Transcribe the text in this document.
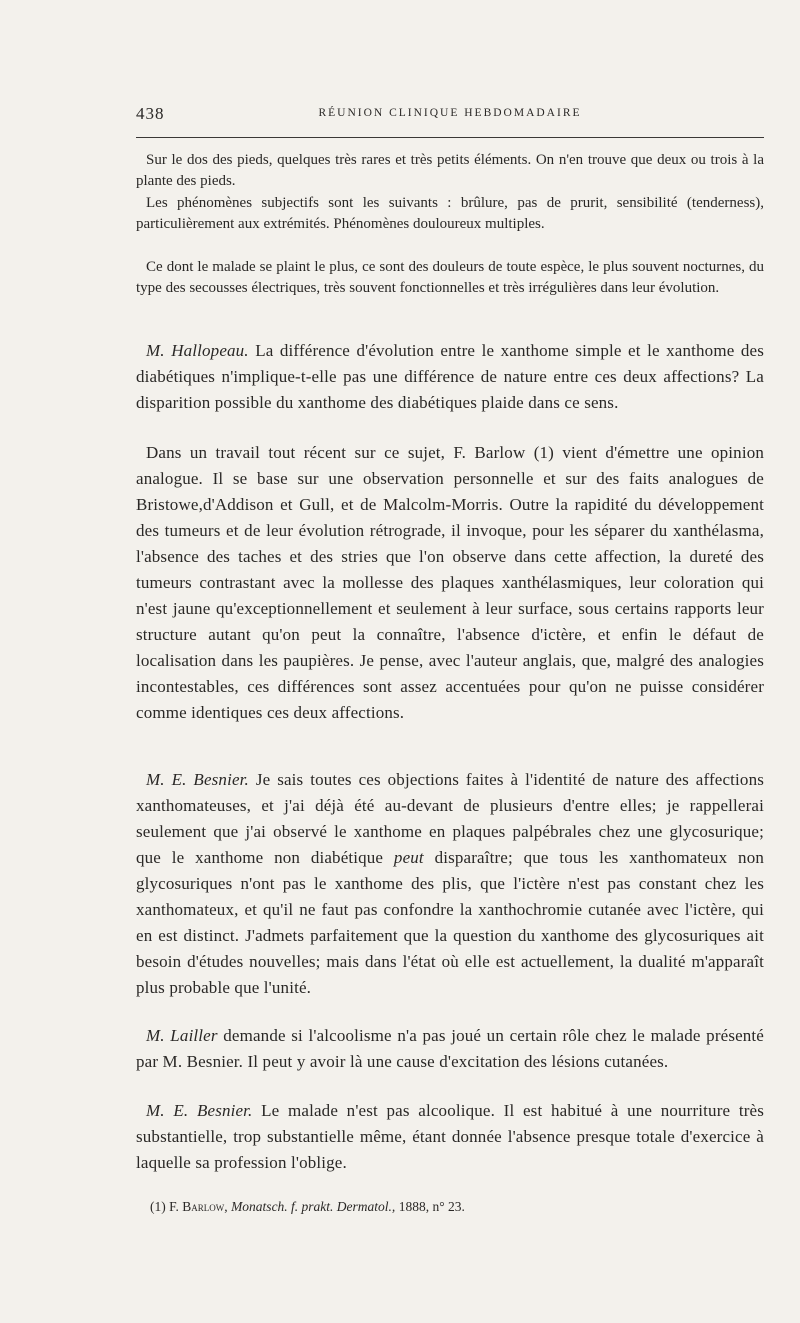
438	RÉUNION CLINIQUE HEBDOMADAIRE

Sur le dos des pieds, quelques très rares et très petits éléments. On n'en trouve que deux ou trois à la plante des pieds.

Les phénomènes subjectifs sont les suivants : brûlure, pas de prurit, sensibilité (tenderness), particulièrement aux extrémités. Phénomènes douloureux multiples.

Ce dont le malade se plaint le plus, ce sont des douleurs de toute espèce, le plus souvent nocturnes, du type des secousses électriques, très souvent fonctionnelles et très irrégulières dans leur évolution.

M. Hallopeau. La différence d'évolution entre le xanthome simple et le xanthome des diabétiques n'implique-t-elle pas une différence de nature entre ces deux affections? La disparition possible du xanthome des diabétiques plaide dans ce sens.

Dans un travail tout récent sur ce sujet, F. Barlow (1) vient d'émettre une opinion analogue. Il se base sur une observation personnelle et sur des faits analogues de Bristowe,d'Addison et Gull, et de Malcolm-Morris. Outre la rapidité du développement des tumeurs et de leur évolution rétrograde, il invoque, pour les séparer du xanthélasma, l'absence des taches et des stries que l'on observe dans cette affection, la dureté des tumeurs contrastant avec la mollesse des plaques xanthélasmiques, leur coloration qui n'est jaune qu'exceptionnellement et seulement à leur surface, sous certains rapports leur structure autant qu'on peut la connaître, l'absence d'ictère, et enfin le défaut de localisation dans les paupières. Je pense, avec l'auteur anglais, que, malgré des analogies incontestables, ces différences sont assez accentuées pour qu'on ne puisse considérer comme identiques ces deux affections.

M. E. Besnier. Je sais toutes ces objections faites à l'identité de nature des affections xanthomateuses, et j'ai déjà été au-devant de plusieurs d'entre elles; je rappellerai seulement que j'ai observé le xanthome en plaques palpébrales chez une glycosurique; que le xanthome non diabétique peut disparaître; que tous les xanthomateux non glycosuriques n'ont pas le xanthome des plis, que l'ictère n'est pas constant chez les xanthomateux, et qu'il ne faut pas confondre la xanthochromie cutanée avec l'ictère, qui en est distinct. J'admets parfaitement que la question du xanthome des glycosuriques ait besoin d'études nouvelles; mais dans l'état où elle est actuellement, la dualité m'apparaît plus probable que l'unité.

M. Lailler demande si l'alcoolisme n'a pas joué un certain rôle chez le malade présenté par M. Besnier. Il peut y avoir là une cause d'excitation des lésions cutanées.

M. E. Besnier. Le malade n'est pas alcoolique. Il est habitué à une nourriture très substantielle, trop substantielle même, étant donnée l'absence presque totale d'exercice à laquelle sa profession l'oblige.

(1) F. Barlow, Monatsch. f. prakt. Dermatol., 1888, n° 23.
